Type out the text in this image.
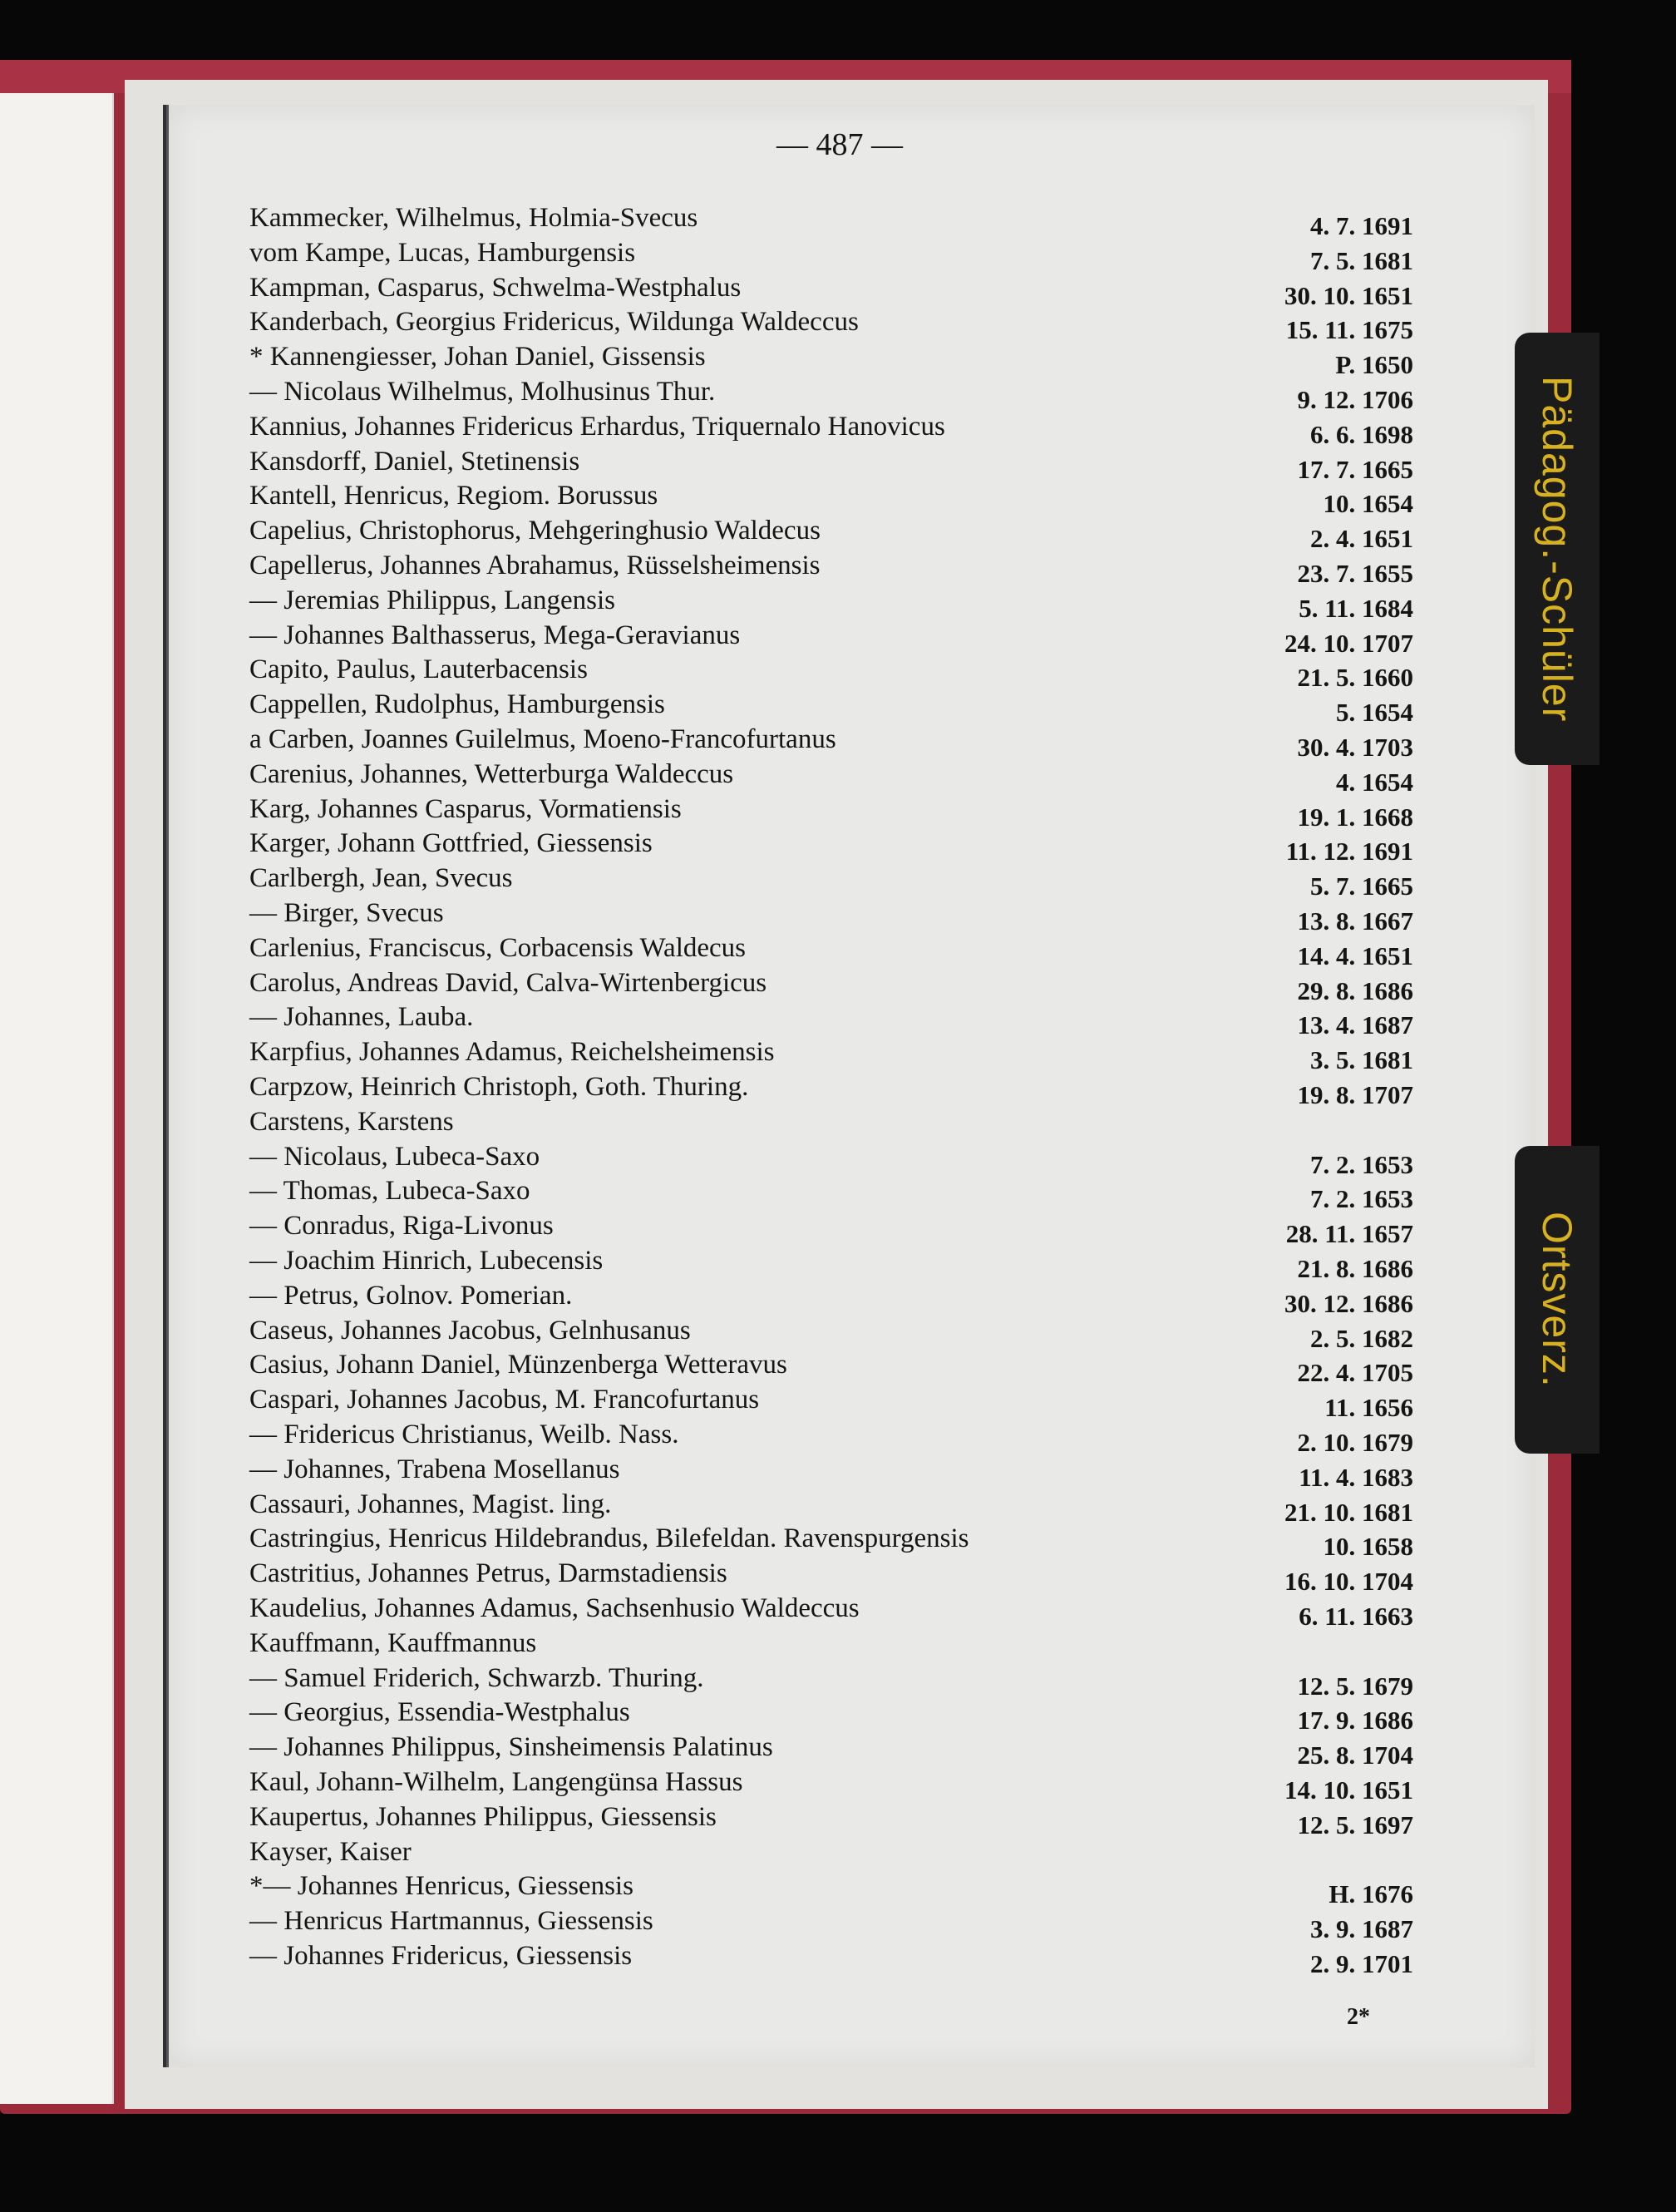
Pädagog.-Schüler
Ortsverz.
— 487 —
Kammecker, Wilhelmus, Holmia-Svecus	4. 7. 1691
vom Kampe, Lucas, Hamburgensis	7. 5. 1681
Kampman, Casparus, Schwelma-Westphalus	30. 10. 1651
Kanderbach, Georgius Fridericus, Wildunga Waldeccus	15. 11. 1675
* Kannengiesser, Johan Daniel, Gissensis	P. 1650
— Nicolaus Wilhelmus, Molhusinus Thur.	9. 12. 1706
Kannius, Johannes Fridericus Erhardus, Triquernalo Hanovicus	6. 6. 1698
Kansdorff, Daniel, Stetinensis	17. 7. 1665
Kantell, Henricus, Regiom. Borussus	10. 1654
Capelius, Christophorus, Mehgeringhusio Waldecus	2. 4. 1651
Capellerus, Johannes Abrahamus, Rüsselsheimensis	23. 7. 1655
— Jeremias Philippus, Langensis	5. 11. 1684
— Johannes Balthasserus, Mega-Geravianus	24. 10. 1707
Capito, Paulus, Lauterbacensis	21. 5. 1660
Cappellen, Rudolphus, Hamburgensis	5. 1654
a Carben, Joannes Guilelmus, Moeno-Francofurtanus	30. 4. 1703
Carenius, Johannes, Wetterburga Waldeccus	4. 1654
Karg, Johannes Casparus, Vormatiensis	19. 1. 1668
Karger, Johann Gottfried, Giessensis	11. 12. 1691
Carlbergh, Jean, Svecus	5. 7. 1665
— Birger, Svecus	13. 8. 1667
Carlenius, Franciscus, Corbacensis Waldecus	14. 4. 1651
Carolus, Andreas David, Calva-Wirtenbergicus	29. 8. 1686
— Johannes, Lauba.	13. 4. 1687
Karpfius, Johannes Adamus, Reichelsheimensis	3. 5. 1681
Carpzow, Heinrich Christoph, Goth. Thuring.	19. 8. 1707
Carstens, Karstens
— Nicolaus, Lubeca-Saxo	7. 2. 1653
— Thomas, Lubeca-Saxo	7. 2. 1653
— Conradus, Riga-Livonus	28. 11. 1657
— Joachim Hinrich, Lubecensis	21. 8. 1686
— Petrus, Golnov. Pomerian.	30. 12. 1686
Caseus, Johannes Jacobus, Gelnhusanus	2. 5. 1682
Casius, Johann Daniel, Münzenberga Wetteravus	22. 4. 1705
Caspari, Johannes Jacobus, M. Francofurtanus	11. 1656
— Fridericus Christianus, Weilb. Nass.	2. 10. 1679
— Johannes, Trabena Mosellanus	11. 4. 1683
Cassauri, Johannes, Magist. ling.	21. 10. 1681
Castringius, Henricus Hildebrandus, Bilefeldan. Ravenspurgensis	10. 1658
Castritius, Johannes Petrus, Darmstadiensis	16. 10. 1704
Kaudelius, Johannes Adamus, Sachsenhusio Waldeccus	6. 11. 1663
Kauffmann, Kauffmannus
— Samuel Friderich, Schwarzb. Thuring.	12. 5. 1679
— Georgius, Essendia-Westphalus	17. 9. 1686
— Johannes Philippus, Sinsheimensis Palatinus	25. 8. 1704
Kaul, Johann-Wilhelm, Langengünsa Hassus	14. 10. 1651
Kaupertus, Johannes Philippus, Giessensis	12. 5. 1697
Kayser, Kaiser
*— Johannes Henricus, Giessensis	H. 1676
— Henricus Hartmannus, Giessensis	3. 9. 1687
— Johannes Fridericus, Giessensis	2. 9. 1701
2*
